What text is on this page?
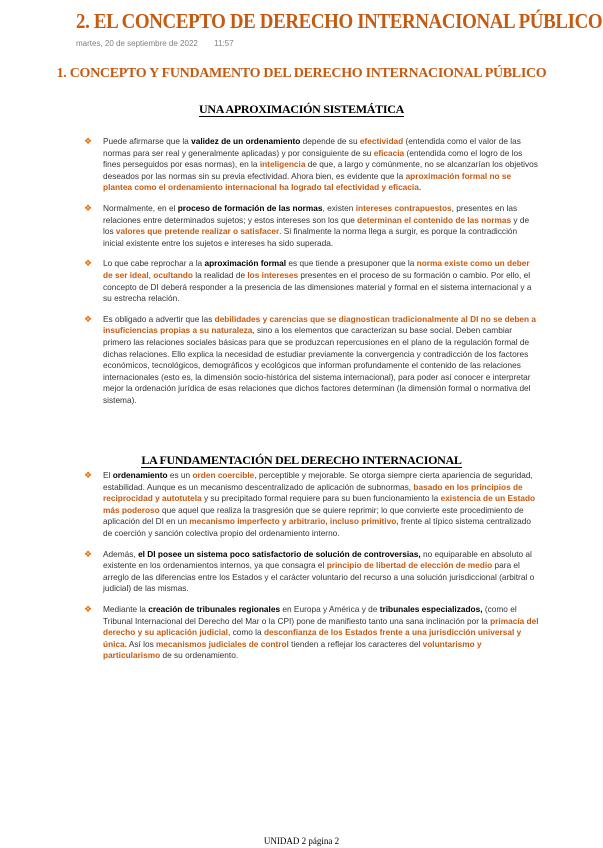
2. EL CONCEPTO DE DERECHO INTERNACIONAL PÚBLICO
martes, 20 de septiembre de 2022 11:57
1. CONCEPTO Y FUNDAMENTO DEL DERECHO INTERNACIONAL PÚBLICO
UNA APROXIMACIÓN SISTEMÁTICA
❖ Puede afirmarse que la validez de un ordenamiento depende de su efectividad (entendida como el valor de las normas para ser real y generalmente aplicadas) y por consiguiente de su eficacia (entendida como el logro de los fines perseguidos por esas normas), en la inteligencia de que, a largo y comúnmente, no se alcanzarían los objetivos deseados por las normas sin su previa efectividad. Ahora bien, es evidente que la aproximación formal no se plantea como el ordenamiento internacional ha logrado tal efectividad y eficacia.
❖ Normalmente, en el proceso de formación de las normas, existen intereses contrapuestos, presentes en las relaciones entre determinados sujetos; y estos intereses son los que determinan el contenido de las normas y de los valores que pretende realizar o satisfacer. Si finalmente la norma llega a surgir, es porque la contradicción inicial existente entre los sujetos e intereses ha sido superada.
❖ Lo que cabe reprochar a la aproximación formal es que tiende a presuponer que la norma existe como un deber de ser ideal, ocultando la realidad de los intereses presentes en el proceso de su formación o cambio. Por ello, el concepto de DI deberá responder a la presencia de las dimensiones material y formal en el sistema internacional y a su estrecha relación.
❖ Es obligado a advertir que las debilidades y carencias que se diagnostican tradicionalmente al DI no se deben a insuficiencias propias a su naturaleza, sino a los elementos que caracterizan su base social. Deben cambiar primero las relaciones sociales básicas para que se produzcan repercusiones en el plano de la regulación formal de dichas relaciones. Ello explica la necesidad de estudiar previamente la convergencia y contradicción de los factores económicos, tecnológicos, demográficos y ecológicos que informan profundamente el contenido de las relaciones internacionales (esto es, la dimensión socio-histórica del sistema internacional), para poder así conocer e interpretar mejor la ordenación jurídica de esas relaciones que dichos factores determinan (la dimensión formal o normativa del sistema).
LA FUNDAMENTACIÓN DEL DERECHO INTERNACIONAL
❖ El ordenamiento es un orden coercible, perceptible y mejorable. Se otorga siempre cierta apariencia de seguridad, estabilidad. Aunque es un mecanismo descentralizado de aplicación de subnormas, basado en los principios de reciprocidad y autotutela y su precipitado formal requiere para su buen funcionamiento la existencia de un Estado más poderoso que aquel que realiza la trasgresión que se quiere reprimir; lo que convierte este procedimiento de aplicación del DI en un mecanismo imperfecto y arbitrario, incluso primitivo, frente al típico sistema centralizado de coerción y sanción colectiva propio del ordenamiento interno.
❖ Además, el DI posee un sistema poco satisfactorio de solución de controversias, no equiparable en absoluto al existente en los ordenamientos internos, ya que consagra el principio de libertad de elección de medio para el arreglo de las diferencias entre los Estados y el carácter voluntario del recurso a una solución jurisdiccional (arbitral o judicial) de las mismas.
❖ Mediante la creación de tribunales regionales en Europa y América y de tribunales especializados, (como el Tribunal Internacional del Derecho del Mar o la CPI) pone de manifiesto tanto una sana inclinación por la primacía del derecho y su aplicación judicial, como la desconfianza de los Estados frente a una jurisdicción universal y única. Así los mecanismos judiciales de control tienden a reflejar los caracteres del voluntarismo y particularismo de su ordenamiento.
UNIDAD 2 página 2
